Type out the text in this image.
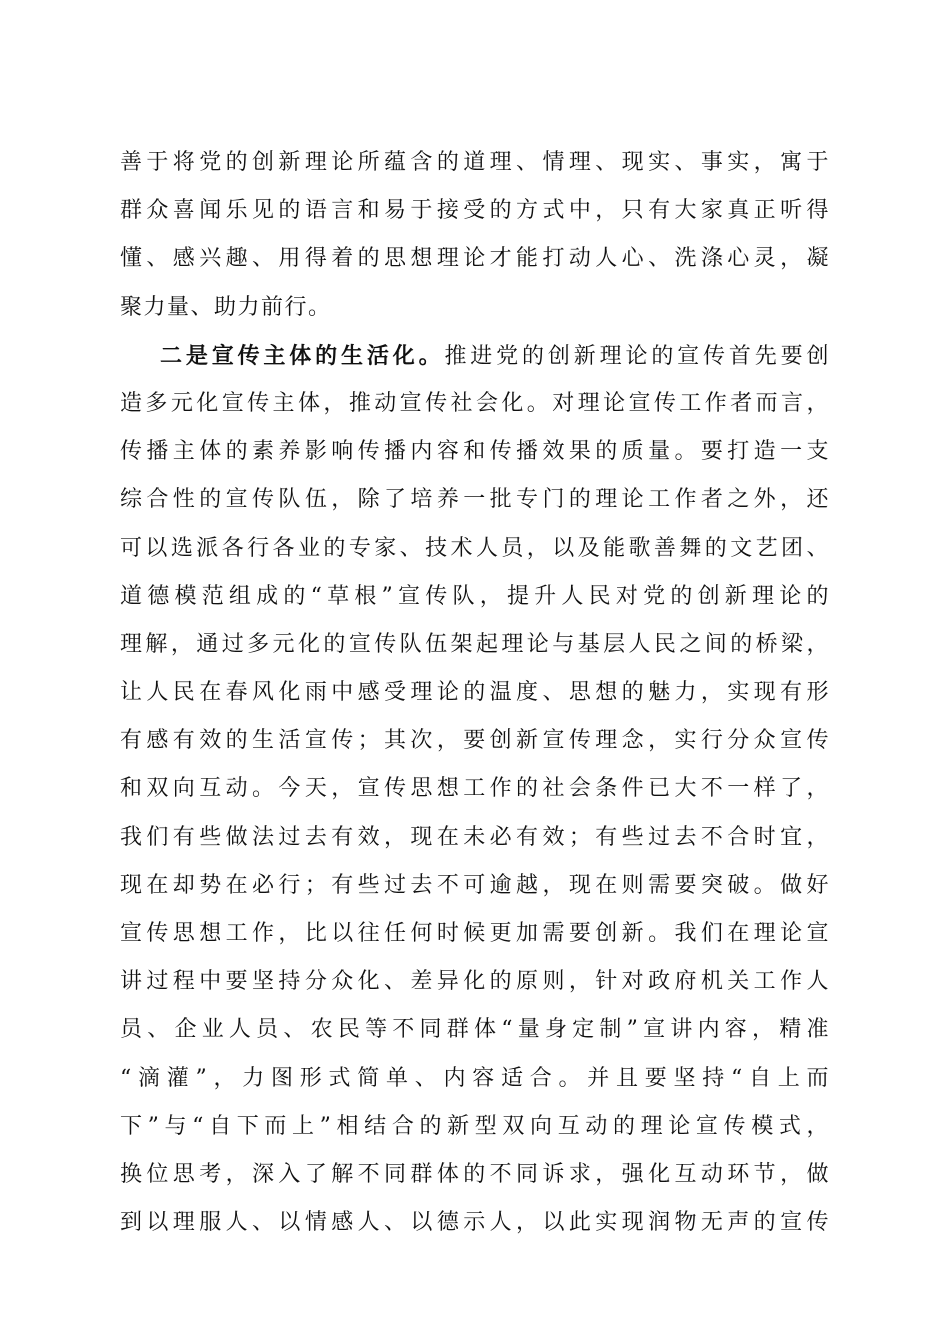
善于将党的创新理论所蕴含的道理、情理、现实、事实，寓于
群众喜闻乐见的语言和易于接受的方式中，只有大家真正听得
懂、感兴趣、用得着的思想理论才能打动人心、洗涤心灵，凝
聚力量、助力前行。
二是宣传主体的生活化。推进党的创新理论的宣传首先要创
造多元化宣传主体，推动宣传社会化。对理论宣传工作者而言，
传播主体的素养影响传播内容和传播效果的质量。要打造一支
综合性的宣传队伍，除了培养一批专门的理论工作者之外，还
可以选派各行各业的专家、技术人员，以及能歌善舞的文艺团、
道德模范组成的“草根”宣传队，提升人民对党的创新理论的
理解，通过多元化的宣传队伍架起理论与基层人民之间的桥梁，
让人民在春风化雨中感受理论的温度、思想的魅力，实现有形
有感有效的生活宣传；其次，要创新宣传理念，实行分众宣传
和双向互动。今天，宣传思想工作的社会条件已大不一样了，
我们有些做法过去有效，现在未必有效；有些过去不合时宜，
现在却势在必行；有些过去不可逾越，现在则需要突破。做好
宣传思想工作，比以往任何时候更加需要创新。我们在理论宣
讲过程中要坚持分众化、差异化的原则，针对政府机关工作人
员、企业人员、农民等不同群体“量身定制”宣讲内容，精准
“滴灌”，力图形式简单、内容适合。并且要坚持“自上而
下”与“自下而上”相结合的新型双向互动的理论宣传模式，
换位思考，深入了解不同群体的不同诉求，强化互动环节，做
到以理服人、以情感人、以德示人，以此实现润物无声的宣传
